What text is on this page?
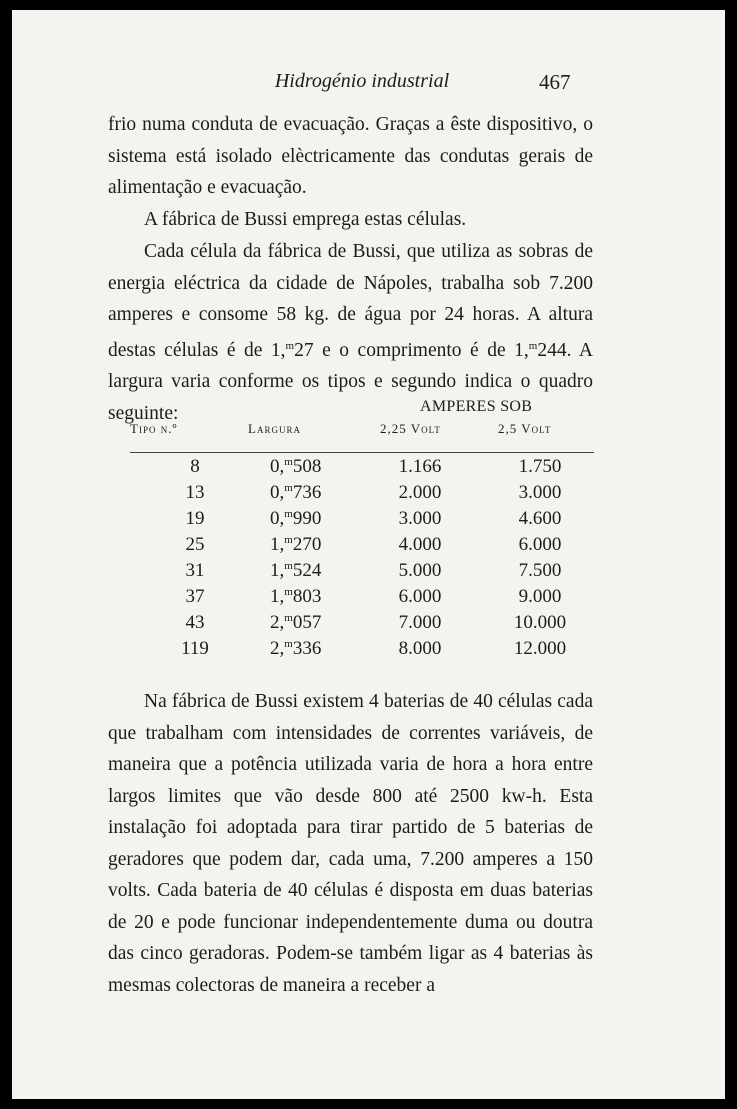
Hidrogénio industrial	467

frio numa conduta de evacuação. Graças a êste dispositivo, o sistema está isolado elèctricamente das condutas gerais de alimentação e evacuação.

A fábrica de Bussi emprega estas células.

Cada célula da fábrica de Bussi, que utiliza as sobras de energia eléctrica da cidade de Nápoles, trabalha sob 7.200 amperes e consome 58 kg. de água por 24 horas. A altura destas células é de 1,$^m$27 e o comprimento é de 1,$^m$244. A largura varia conforme os tipos e segundo indica o quadro seguinte:	AMPERES SOB
Tipo n.º	Largura	2,25 Volt	2,5 Volt
8	0,$^m$508	1.166	1.750
13	0,$^m$736	2.000	3.000
19	0,$^m$990	3.000	4.600
25	1,$^m$270	4.000	6.000
31	1,$^m$524	5.000	7.500
37	1,$^m$803	6.000	9.000
43	2,$^m$057	7.000	10.000
119	2,$^m$336	8.000	12.000

Na fábrica de Bussi existem 4 baterias de 40 células cada que trabalham com intensidades de correntes variáveis, de maneira que a potência utilizada varia de hora a hora entre largos limites que vão desde 800 até 2500 kw-h. Esta instalação foi adoptada para tirar partido de 5 baterias de geradores que podem dar, cada uma, 7.200 amperes a 150 volts. Cada bateria de 40 células é disposta em duas baterias de 20 e pode funcionar independentemente duma ou doutra das cinco geradoras. Podem-se também ligar as 4 baterias às mesmas colectoras de maneira a receber a
